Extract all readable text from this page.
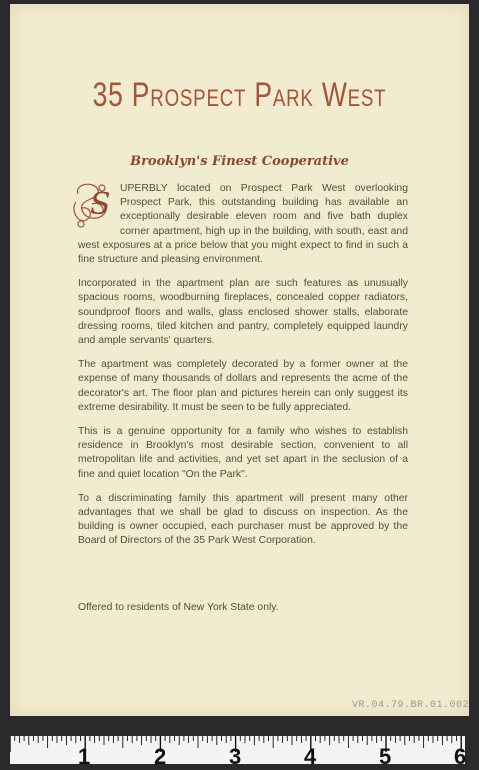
35 Prospect Park West
Brooklyn's Finest Cooperative

S UPERBLY located on Prospect Park West overlooking Prospect Park, this outstanding building has available an exceptionally desirable eleven room and five bath duplex corner apartment, high up in the building, with south, east and west exposures at a price below that you might expect to find in such a fine structure and pleasing environment.

Incorporated in the apartment plan are such features as unusually spacious rooms, woodburning fireplaces, concealed copper radiators, soundproof floors and walls, glass enclosed shower stalls, elaborate dressing rooms, tiled kitchen and pantry, completely equipped laundry and ample servants' quarters.

The apartment was completely decorated by a former owner at the expense of many thousands of dollars and represents the acme of the decorator's art. The floor plan and pictures herein can only suggest its extreme desirability. It must be seen to be fully appreciated.

This is a genuine opportunity for a family who wishes to establish residence in Brooklyn's most desirable section, convenient to all metropolitan life and activities, and yet set apart in the seclusion of a fine and quiet location "On the Park".

To a discriminating family this apartment will present many other advantages that we shall be glad to discuss on inspection. As the building is owner occupied, each purchaser must be approved by the Board of Directors of the 35 Park West Corporation.

Offered to residents of New York State only.
VR.04.79.BR.01.002
1	2	3	4	5	6
